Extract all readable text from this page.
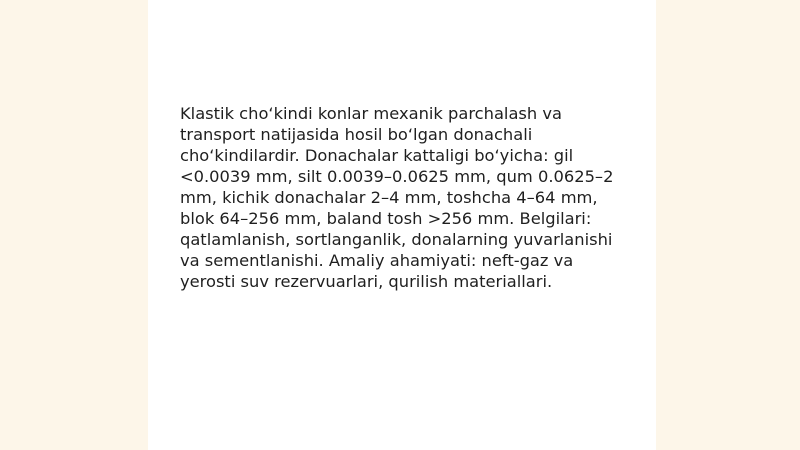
Klastik cho‘kindi konlar mexanik parchalash va transport natijasida hosil bo‘lgan donachali cho‘kindilardir. Donachalar kattaligi bo‘yicha: gil <0.0039 mm, silt 0.0039–0.0625 mm, qum 0.0625–2 mm, kichik donachalar 2–4 mm, toshcha 4–64 mm, blok 64–256 mm, baland tosh >256 mm. Belgilari: qatlamlanish, sortlanganlik, donalarning yuvarlanishi va sementlanishi. Amaliy ahamiyati: neft-gaz va yerosti suv rezervuarlari, qurilish materiallari.
